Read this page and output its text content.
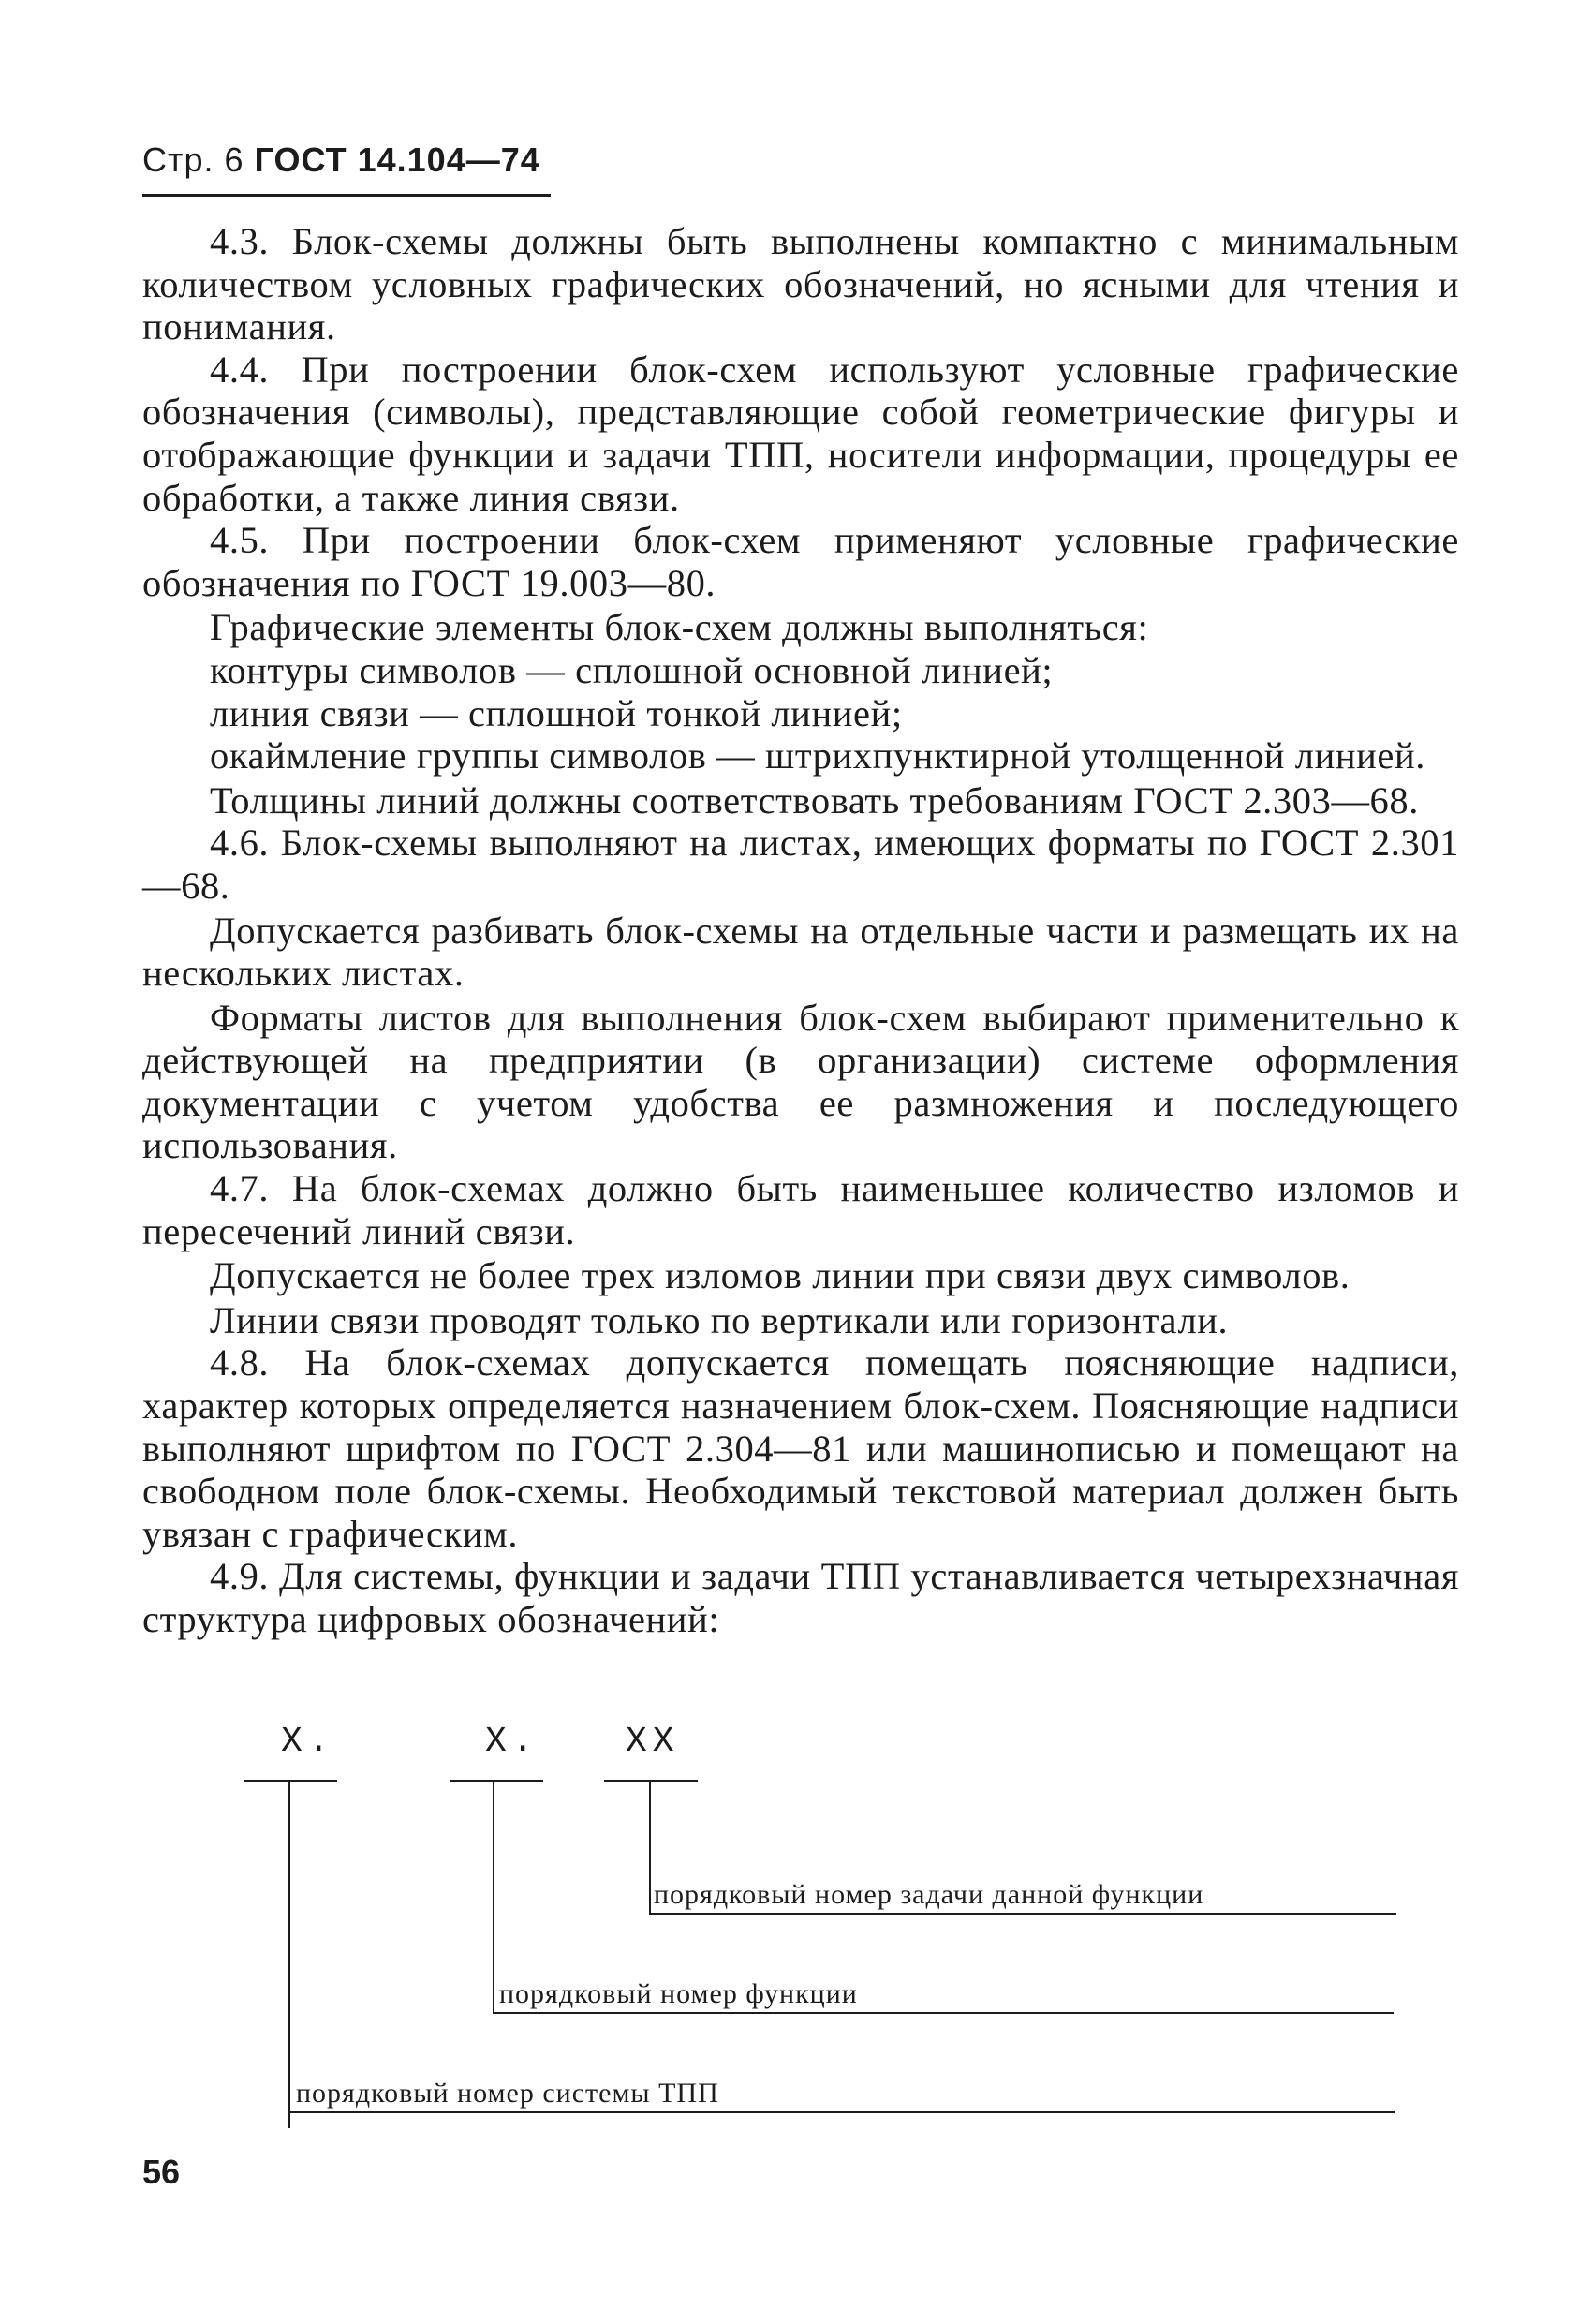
Стр. 6 ГОСТ 14.104—74

4.3. Блок-схемы должны быть выполнены компактно с минимальным количеством условных графических обозначений, но ясными для чтения и понимания.

4.4. При построении блок-схем используют условные графические обозначения (символы), представляющие собой геометрические фигуры и отображающие функции и задачи ТПП, носители информации, процедуры ее обработки, а также линия связи.

4.5. При построении блок-схем применяют условные графические обозначения по ГОСТ 19.003—80.

Графические элементы блок-схем должны выполняться:

контуры символов — сплошной основной линией;

линия связи — сплошной тонкой линией;

окаймление группы символов — штрихпунктирной утолщенной линией.

Толщины линий должны соответствовать требованиям ГОСТ 2.303—68.

4.6. Блок-схемы выполняют на листах, имеющих форматы по ГОСТ 2.301—68.

Допускается разбивать блок-схемы на отдельные части и размещать их на нескольких листах.

Форматы листов для выполнения блок-схем выбирают применительно к действующей на предприятии (в организации) системе оформления документации с учетом удобства ее размножения и последующего использования.

4.7. На блок-схемах должно быть наименьшее количество изломов и пересечений линий связи.

Допускается не более трех изломов линии при связи двух символов.

Линии связи проводят только по вертикали или горизонтали.

4.8. На блок-схемах допускается помещать поясняющие надписи, характер которых определяется назначением блок-схем. Поясняющие надписи выполняют шрифтом по ГОСТ 2.304—81 или машинописью и помещают на свободном поле блок-схемы. Необходимый текстовой материал должен быть увязан с графическим.

4.9. Для системы, функции и задачи ТПП устанавливается четырехзначная структура цифровых обозначений:

X.	X. XX
порядковый номер задачи данной функции
порядковый номер функции
порядковый номер системы ТПП
56
